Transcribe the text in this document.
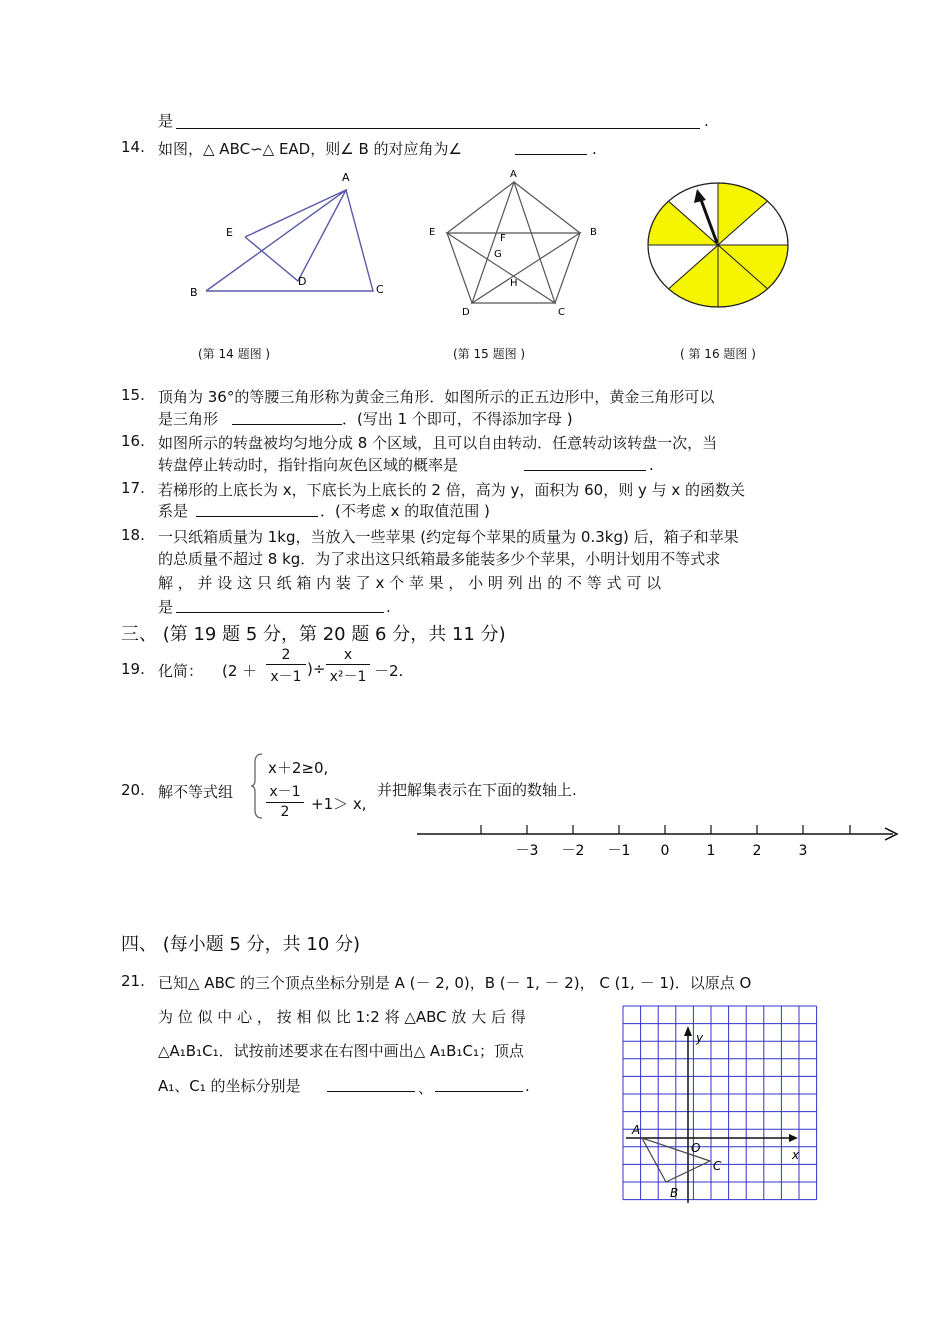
是	.
14. 如图，△ ABC∽△ EAD，则∠ B 的对应角为∠	.
A
E
D
B	C
(第 14 题图 )
A
E	B
F
G
H
D	C
(第 15 题图 )	( 第 16 题图 )
15. 顶角为 36°的等腰三角形称为黄金三角形．如图所示的正五边形中，黄金三角形可以
是三角形	．(写出 1 个即可，不得添加字母 )
16. 如图所示的转盘被均匀地分成 8 个区域，且可以自由转动．任意转动该转盘一次，当
转盘停止转动时，指针指向灰色区域的概率是	.
17. 若梯形的上底长为 x，下底长为上底长的 2 倍，高为 y，面积为 60，则 y 与 x 的函数关
系是	．(不考虑 x 的取值范围 )
18. 一只纸箱质量为 1kg，当放入一些苹果 (约定每个苹果的质量为 0.3kg) 后，箱子和苹果
的总质量不超过 8 kg．为了求出这只纸箱最多能装多少个苹果，小明计划用不等式求
解 ， 并 设 这 只 纸 箱 内 装 了 x 个 苹 果 ， 小 明 列 出 的 不 等 式 可 以
是	.
三、 (第 19 题 5 分，第 20 题 6 分，共 11 分)
19. 化简： (2 ＋
2
x－1 )÷
x
x²－1 －2.
20. 解不等式组
x＋2≥0,
x－1
2	+1＞ x,
并把解集表示在下面的数轴上.
－3 －2 －1 0	1	2	3
四、 (每小题 5 分，共 10 分)
21. 已知△ ABC 的三个顶点坐标分别是 A (－ 2, 0)，B (－ 1, － 2)， C (1, － 1)．以原点 O
为 位 似 中 心 ， 按 相 似 比 1:2 将 △ABC 放 大 后 得
△A₁B₁C₁．试按前述要求在右图中画出△ A₁B₁C₁；顶点
A₁、C₁ 的坐标分别是	、	.
y
x
O
A
B
C
